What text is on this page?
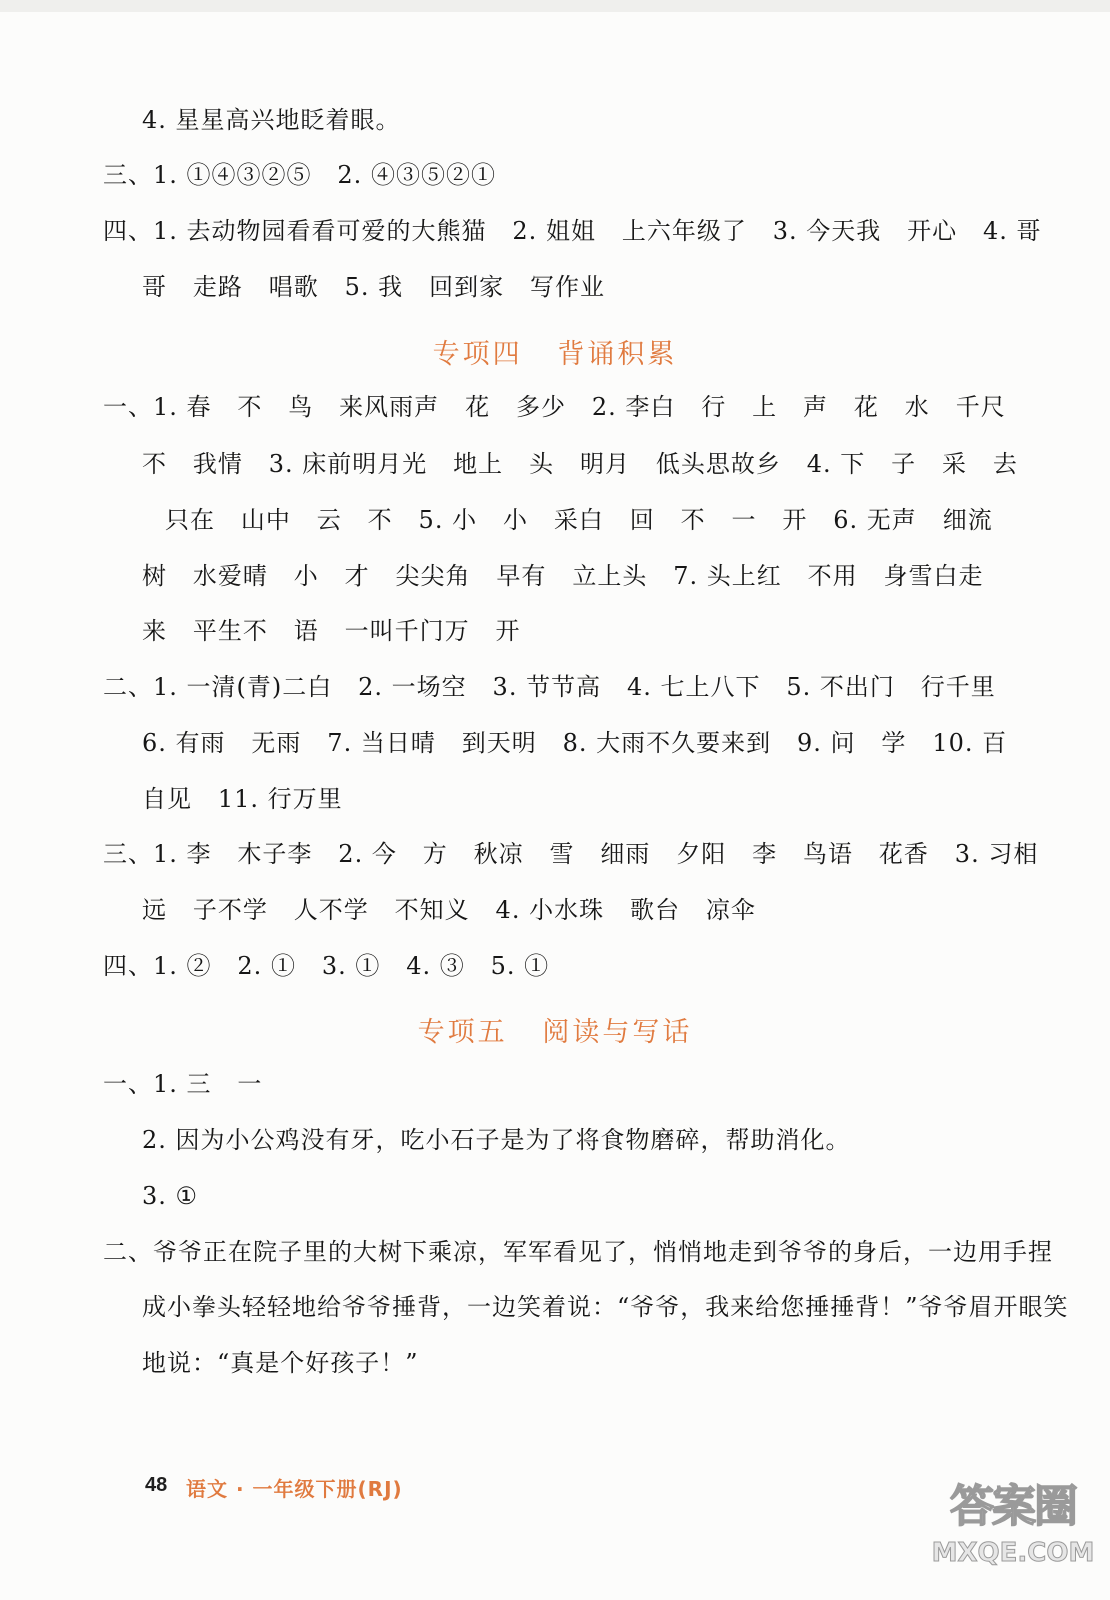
4. 星星高兴地眨着眼。
三、1. ①④③②⑤   2. ④③⑤②①
四、1. 去动物园看看可爱的大熊猫   2. 姐姐   上六年级了   3. 今天我   开心   4. 哥
哥   走路   唱歌   5. 我   回到家   写作业
专项四   背诵积累
一、1. 春   不   鸟   来风雨声   花   多少   2. 李白   行   上   声   花   水   千尺
不   我情   3. 床前明月光   地上   头   明月   低头思故乡   4. 下   子   采   去
只在   山中   云   不   5. 小   小   采白   回   不   一   开   6. 无声   细流
树   水爱晴   小   才   尖尖角   早有   立上头   7. 头上红   不用   身雪白走
来   平生不   语   一叫千门万   开
二、1. 一清(青)二白   2. 一场空   3. 节节高   4. 七上八下   5. 不出门   行千里
6. 有雨   无雨   7. 当日晴   到天明   8. 大雨不久要来到   9. 问   学   10. 百
自见   11. 行万里
三、1. 李   木子李   2. 今   方   秋凉   雪   细雨   夕阳   李   鸟语   花香   3. 习相
远   子不学   人不学   不知义   4. 小水珠   歌台   凉伞
四、1. ②   2. ①   3. ①   4. ③   5. ①
专项五   阅读与写话
一、1. 三   一
2. 因为小公鸡没有牙，吃小石子是为了将食物磨碎，帮助消化。
3. ①
二、爷爷正在院子里的大树下乘凉，军军看见了，悄悄地走到爷爷的身后，一边用手捏
成小拳头轻轻地给爷爷捶背，一边笑着说：“爷爷，我来给您捶捶背！”爷爷眉开眼笑
地说：“真是个好孩子！”
48 语文 · 一年级下册(RJ)	答案圈
MXQE.COM
